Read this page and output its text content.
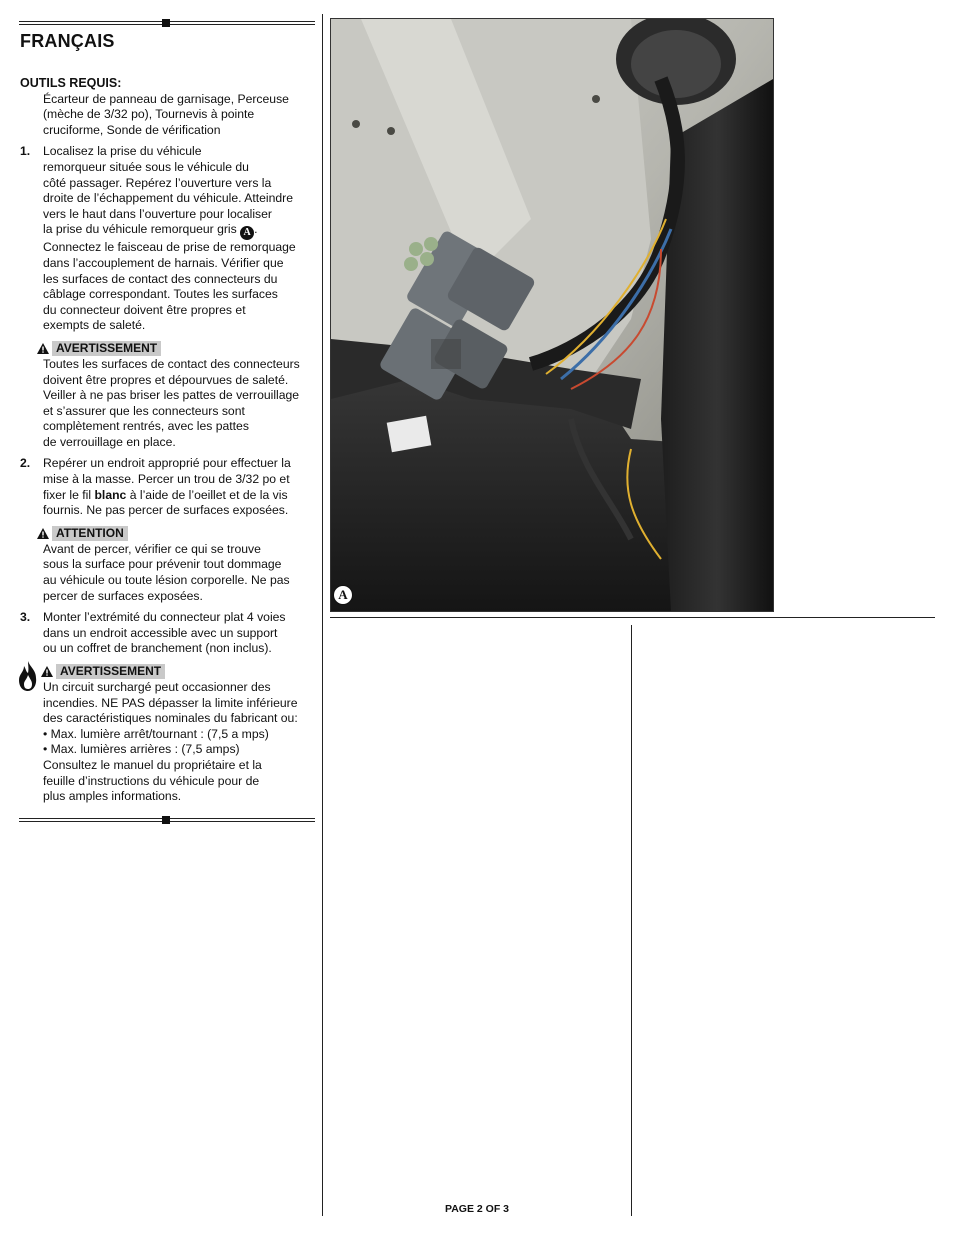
FRANÇAIS
OUTILS REQUIS:
Écarteur de panneau de garnisage, Perceuse
(mèche de 3/32 po), Tournevis à pointe
cruciforme, Sonde de vérification
1. Localisez la prise du véhicule
remorqueur située sous le véhicule du
côté passager. Repérez l’ouverture vers la
droite de l’échappement du véhicule. Atteindre
vers le haut dans l’ouverture pour localiser
la prise du véhicule remorqueur gris A .
Connectez le faisceau de prise de remorquage
dans l’accouplement de harnais. Vérifier que
les surfaces de contact des connecteurs du
câblage correspondant. Toutes les surfaces
du connecteur doivent être propres et
exempts de saleté.
AVERTISSEMENT
Toutes les surfaces de contact des connecteurs
doivent être propres et dépourvues de saleté.
Veiller à ne pas briser les pattes de verrouillage
et s’assurer que les connecteurs sont
complètement rentrés, avec les pattes
de verrouillage en place.
2. Repérer un endroit approprié pour effectuer la
mise à la masse. Percer un trou de 3/32 po et
fixer le fil blanc à l’aide de l’oeillet et de la vis
fournis. Ne pas percer de surfaces exposées.
ATTENTION
Avant de percer, vérifier ce qui se trouve
sous la surface pour prévenir tout dommage
au véhicule ou toute lésion corporelle. Ne pas
percer de surfaces exposées.
3. Monter l’extrémité du connecteur plat 4 voies
dans un endroit accessible avec un support
ou un coffret de branchement (non inclus).
AVERTISSEMENT
Un circuit surchargé peut occasionner des
incendies. NE PAS dépasser la limite inférieure
des caractéristiques nominales du fabricant ou:
• Max. lumière arrêt/tournant : (7,5 a mps)
• Max. lumières arrières : (7,5 amps)
Consultez le manuel du propriétaire et la
feuille d’instructions du véhicule pour de
plus amples informations.
A
PAGE 2 OF 3
